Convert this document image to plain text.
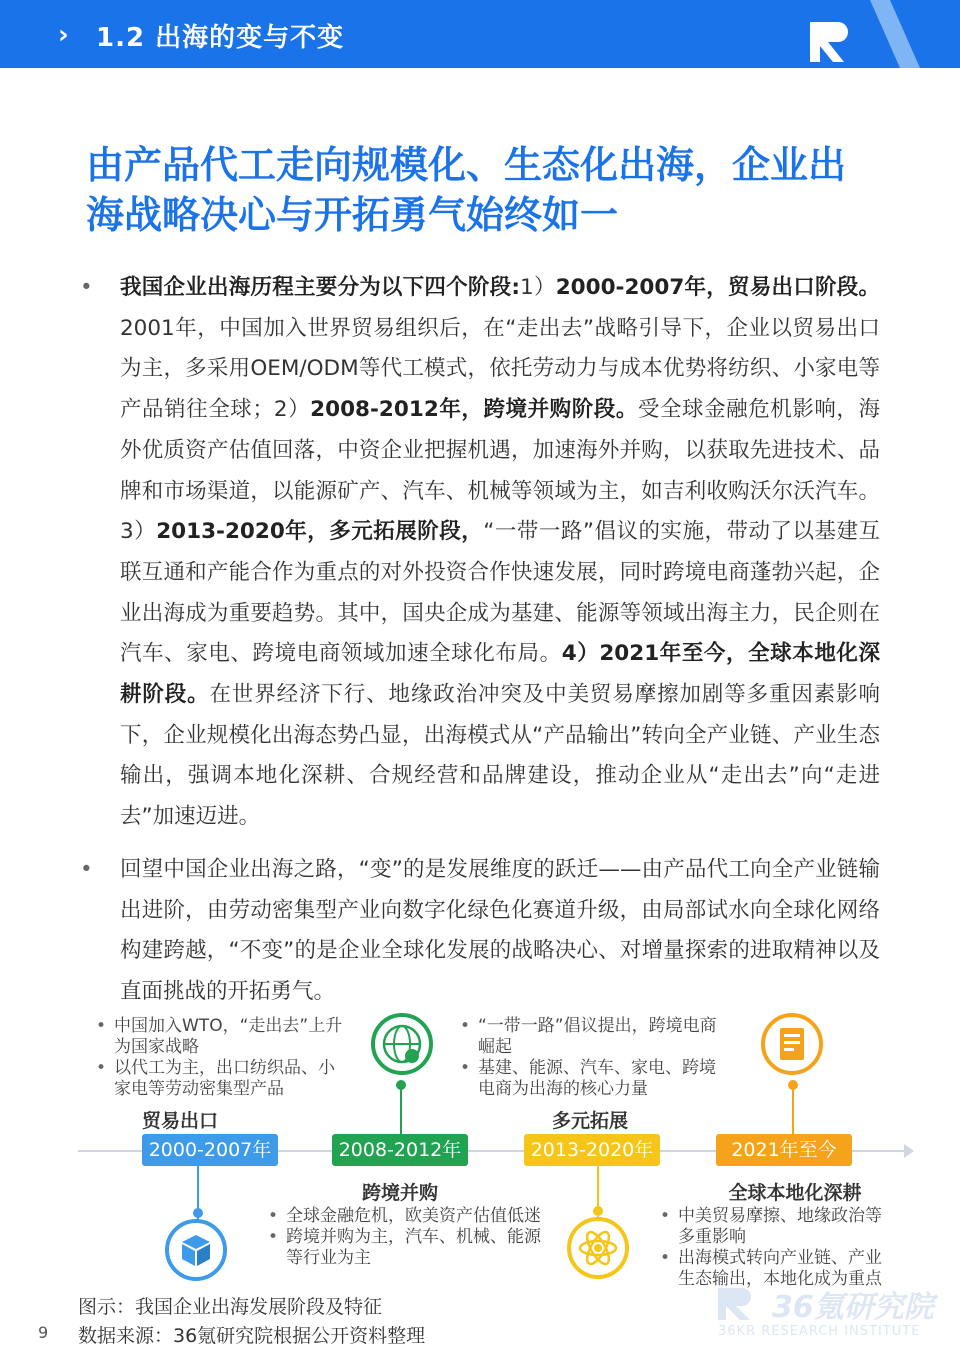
› 1.2 出海的变与不变
由产品代工走向规模化、生态化出海，企业出
海战略决心与开拓勇气始终如一
• 我国企业出海历程主要分为以下四个阶段:1）2000-2007年，贸易出口阶段。2001年，中国加入世界贸易组织后，在“走出去”战略引导下，企业以贸易出口为主，多采用OEM/ODM等代工模式，依托劳动力与成本优势将纺织、小家电等产品销往全球；2）2008-2012年，跨境并购阶段。受全球金融危机影响，海外优质资产估值回落，中资企业把握机遇，加速海外并购，以获取先进技术、品牌和市场渠道，以能源矿产、汽车、机械等领域为主，如吉利收购沃尔沃汽车。3）2013-2020年，多元拓展阶段，“一带一路”倡议的实施，带动了以基建互联互通和产能合作为重点的对外投资合作快速发展，同时跨境电商蓬勃兴起，企业出海成为重要趋势。其中，国央企成为基建、能源等领域出海主力，民企则在汽车、家电、跨境电商领域加速全球化布局。4）2021年至今，全球本地化深耕阶段。在世界经济下行、地缘政治冲突及中美贸易摩擦加剧等多重因素影响下，企业规模化出海态势凸显，出海模式从“产品输出”转向全产业链、产业生态输出，强调本地化深耕、合规经营和品牌建设，推动企业从“走出去”向“走进去”加速迈进。
• 回望中国企业出海之路，“变”的是发展维度的跃迁——由产品代工向全产业链输出进阶，由劳动密集型产业向数字化绿色化赛道升级，由局部试水向全球化网络构建跨越，“不变”的是企业全球化发展的战略决心、对增量探索的进取精神以及直面挑战的开拓勇气。
• 中国加入WTO，“走出去”上升为国家战略
• 以代工为主，出口纺织品、小家电等劳动密集型产品
贸易出口
2000-2007年	2008-2012年
跨境并购
• 全球金融危机，欧美资产估值低迷
• 跨境并购为主，汽车、机械、能源等行业为主
• “一带一路”倡议提出，跨境电商崛起
• 基建、能源、汽车、家电、跨境电商为出海的核心力量
多元拓展
2013-2020年	2021年至今
全球本地化深耕
• 中美贸易摩擦、地缘政治等多重影响
• 出海模式转向产业链、产业生态输出，本地化成为重点
36氪研究院
36KR RESEARCH INSTITUTE
图示：我国企业出海发展阶段及特征
数据来源：36氪研究院根据公开资料整理
9
